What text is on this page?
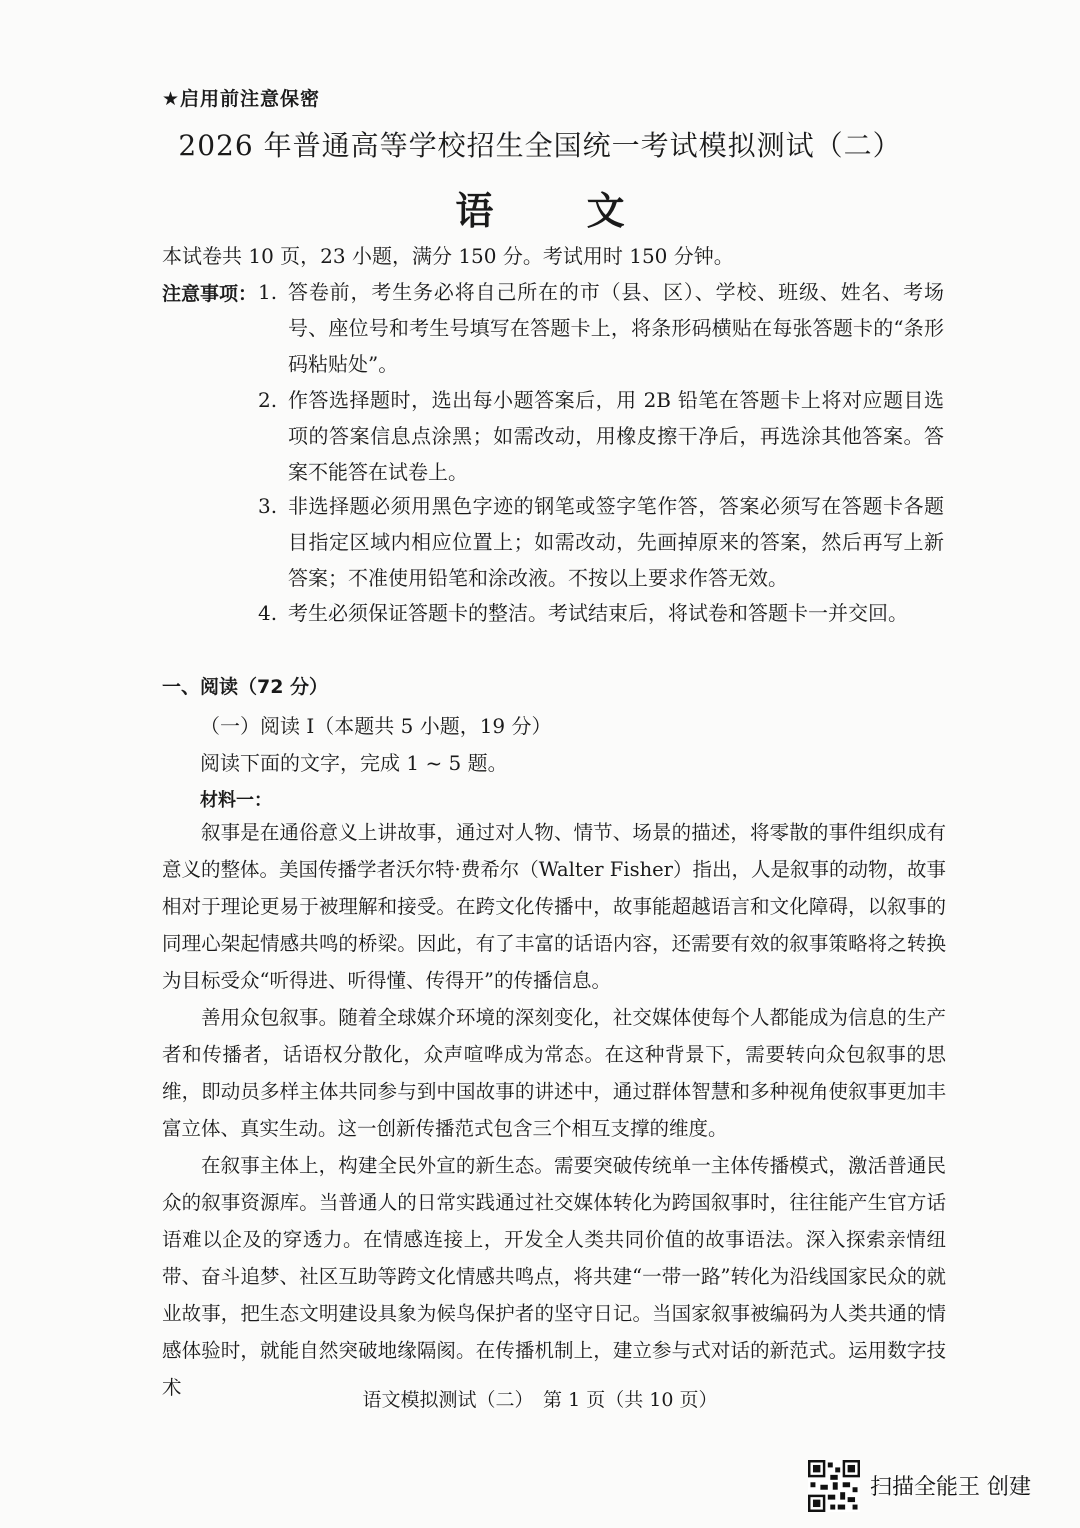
★启用前注意保密
2026 年普通高等学校招生全国统一考试模拟测试（二）
语 文
本试卷共 10 页，23 小题，满分 150 分。考试用时 150 分钟。
注意事项： 1. 答卷前，考生务必将自己所在的市（县、区）、学校、班级、姓名、考场号、座位号和考生号填写在答题卡上，将条形码横贴在每张答题卡的“条形码粘贴处”。
2. 作答选择题时，选出每小题答案后，用 2B 铅笔在答题卡上将对应题目选项的答案信息点涂黑；如需改动，用橡皮擦干净后，再选涂其他答案。答案不能答在试卷上。
3. 非选择题必须用黑色字迹的钢笔或签字笔作答，答案必须写在答题卡各题目指定区域内相应位置上；如需改动，先画掉原来的答案，然后再写上新答案；不准使用铅笔和涂改液。不按以上要求作答无效。
4. 考生必须保证答题卡的整洁。考试结束后，将试卷和答题卡一并交回。
一、阅读（72 分）
（一）阅读 I（本题共 5 小题，19 分）
阅读下面的文字，完成 1 ~ 5 题。
材料一：
叙事是在通俗意义上讲故事，通过对人物、情节、场景的描述，将零散的事件组织成有意义的整体。美国传播学者沃尔特·费希尔（Walter Fisher）指出，人是叙事的动物，故事相对于理论更易于被理解和接受。在跨文化传播中，故事能超越语言和文化障碍，以叙事的同理心架起情感共鸣的桥梁。因此，有了丰富的话语内容，还需要有效的叙事策略将之转换为目标受众“听得进、听得懂、传得开”的传播信息。
善用众包叙事。随着全球媒介环境的深刻变化，社交媒体使每个人都能成为信息的生产者和传播者，话语权分散化，众声喧哗成为常态。在这种背景下，需要转向众包叙事的思维，即动员多样主体共同参与到中国故事的讲述中，通过群体智慧和多种视角使叙事更加丰富立体、真实生动。这一创新传播范式包含三个相互支撑的维度。
在叙事主体上，构建全民外宣的新生态。需要突破传统单一主体传播模式，激活普通民众的叙事资源库。当普通人的日常实践通过社交媒体转化为跨国叙事时，往往能产生官方话语难以企及的穿透力。在情感连接上，开发全人类共同价值的故事语法。深入探索亲情纽带、奋斗追梦、社区互助等跨文化情感共鸣点，将共建“一带一路”转化为沿线国家民众的就业故事，把生态文明建设具象为候鸟保护者的坚守日记。当国家叙事被编码为人类共通的情感体验时，就能自然突破地缘隔阂。在传播机制上，建立参与式对话的新范式。运用数字技术
语文模拟测试（二）　第 1 页（共 10 页）
扫描全能王 创建
